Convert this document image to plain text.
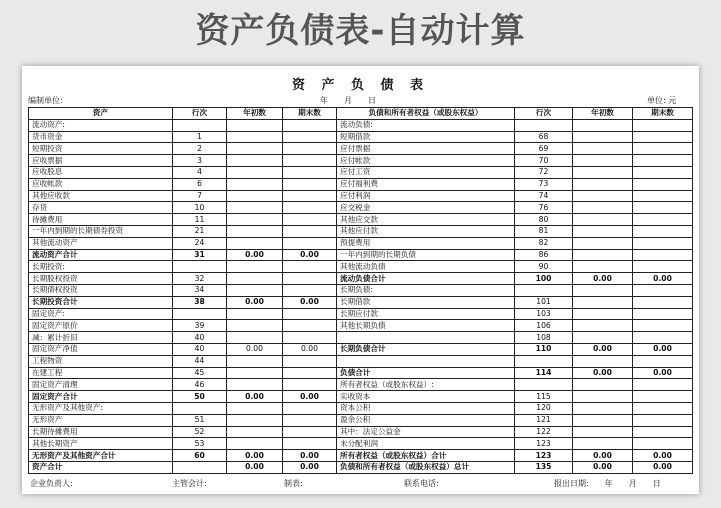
资产负债表-自动计算
资 产 负 债 表
编制单位:	年　　月　　日	单位: 元
资产	行次	年初数	期末数	负债和所有者权益（或股东权益）	行次	年初数	期末数
流动资产:				流动负债:			
货币资金	1			短期借款	68		
短期投资	2			应付票据	69		
应收票据	3			应付帐款	70		
应收股息	4			应付工资	72		
应收帐款	6			应付福利费	73		
其他应收款	7			应付利润	74		
存货	10			应交税金	76		
待摊费用	11			其他应交款	80		
一年内到期的长期债券投资	21			其他应付款	81		
其他流动资产	24			预提费用	82		
流动资产合计	31	0.00	0.00	一年内到期的长期负债	86		
长期投资:				其他流动负债	90		
长期股权投资	32			流动负债合计	100	0.00	0.00
长期债权投资	34			长期负债:			
长期投资合计	38	0.00	0.00	长期借款	101		
固定资产:				长期应付款	103		
固定资产原价	39			其他长期负债	106		
减：累计折旧	40				108		
固定资产净值	40	0.00	0.00	长期负债合计	110	0.00	0.00
工程物资	44						
在建工程	45			负债合计	114	0.00	0.00
固定资产清理	46			所有者权益（或股东权益）:			
固定资产合计	50	0.00	0.00	实收资本	115		
无形资产及其他资产:				资本公积	120		
无形资产	51			盈余公积	121		
长期待摊费用	52			其中：法定公益金	122		
其他长期资产	53			未分配利润	123		
无形资产及其他资产合计	60	0.00	0.00	所有者权益（或股东权益）合计	123	0.00	0.00
资产合计		0.00	0.00	负债和所有者权益（或股东权益）总计	135	0.00	0.00
企业负责人:	主管会计:	制表:	联系电话:	报出日期:　　年　　月　　日
